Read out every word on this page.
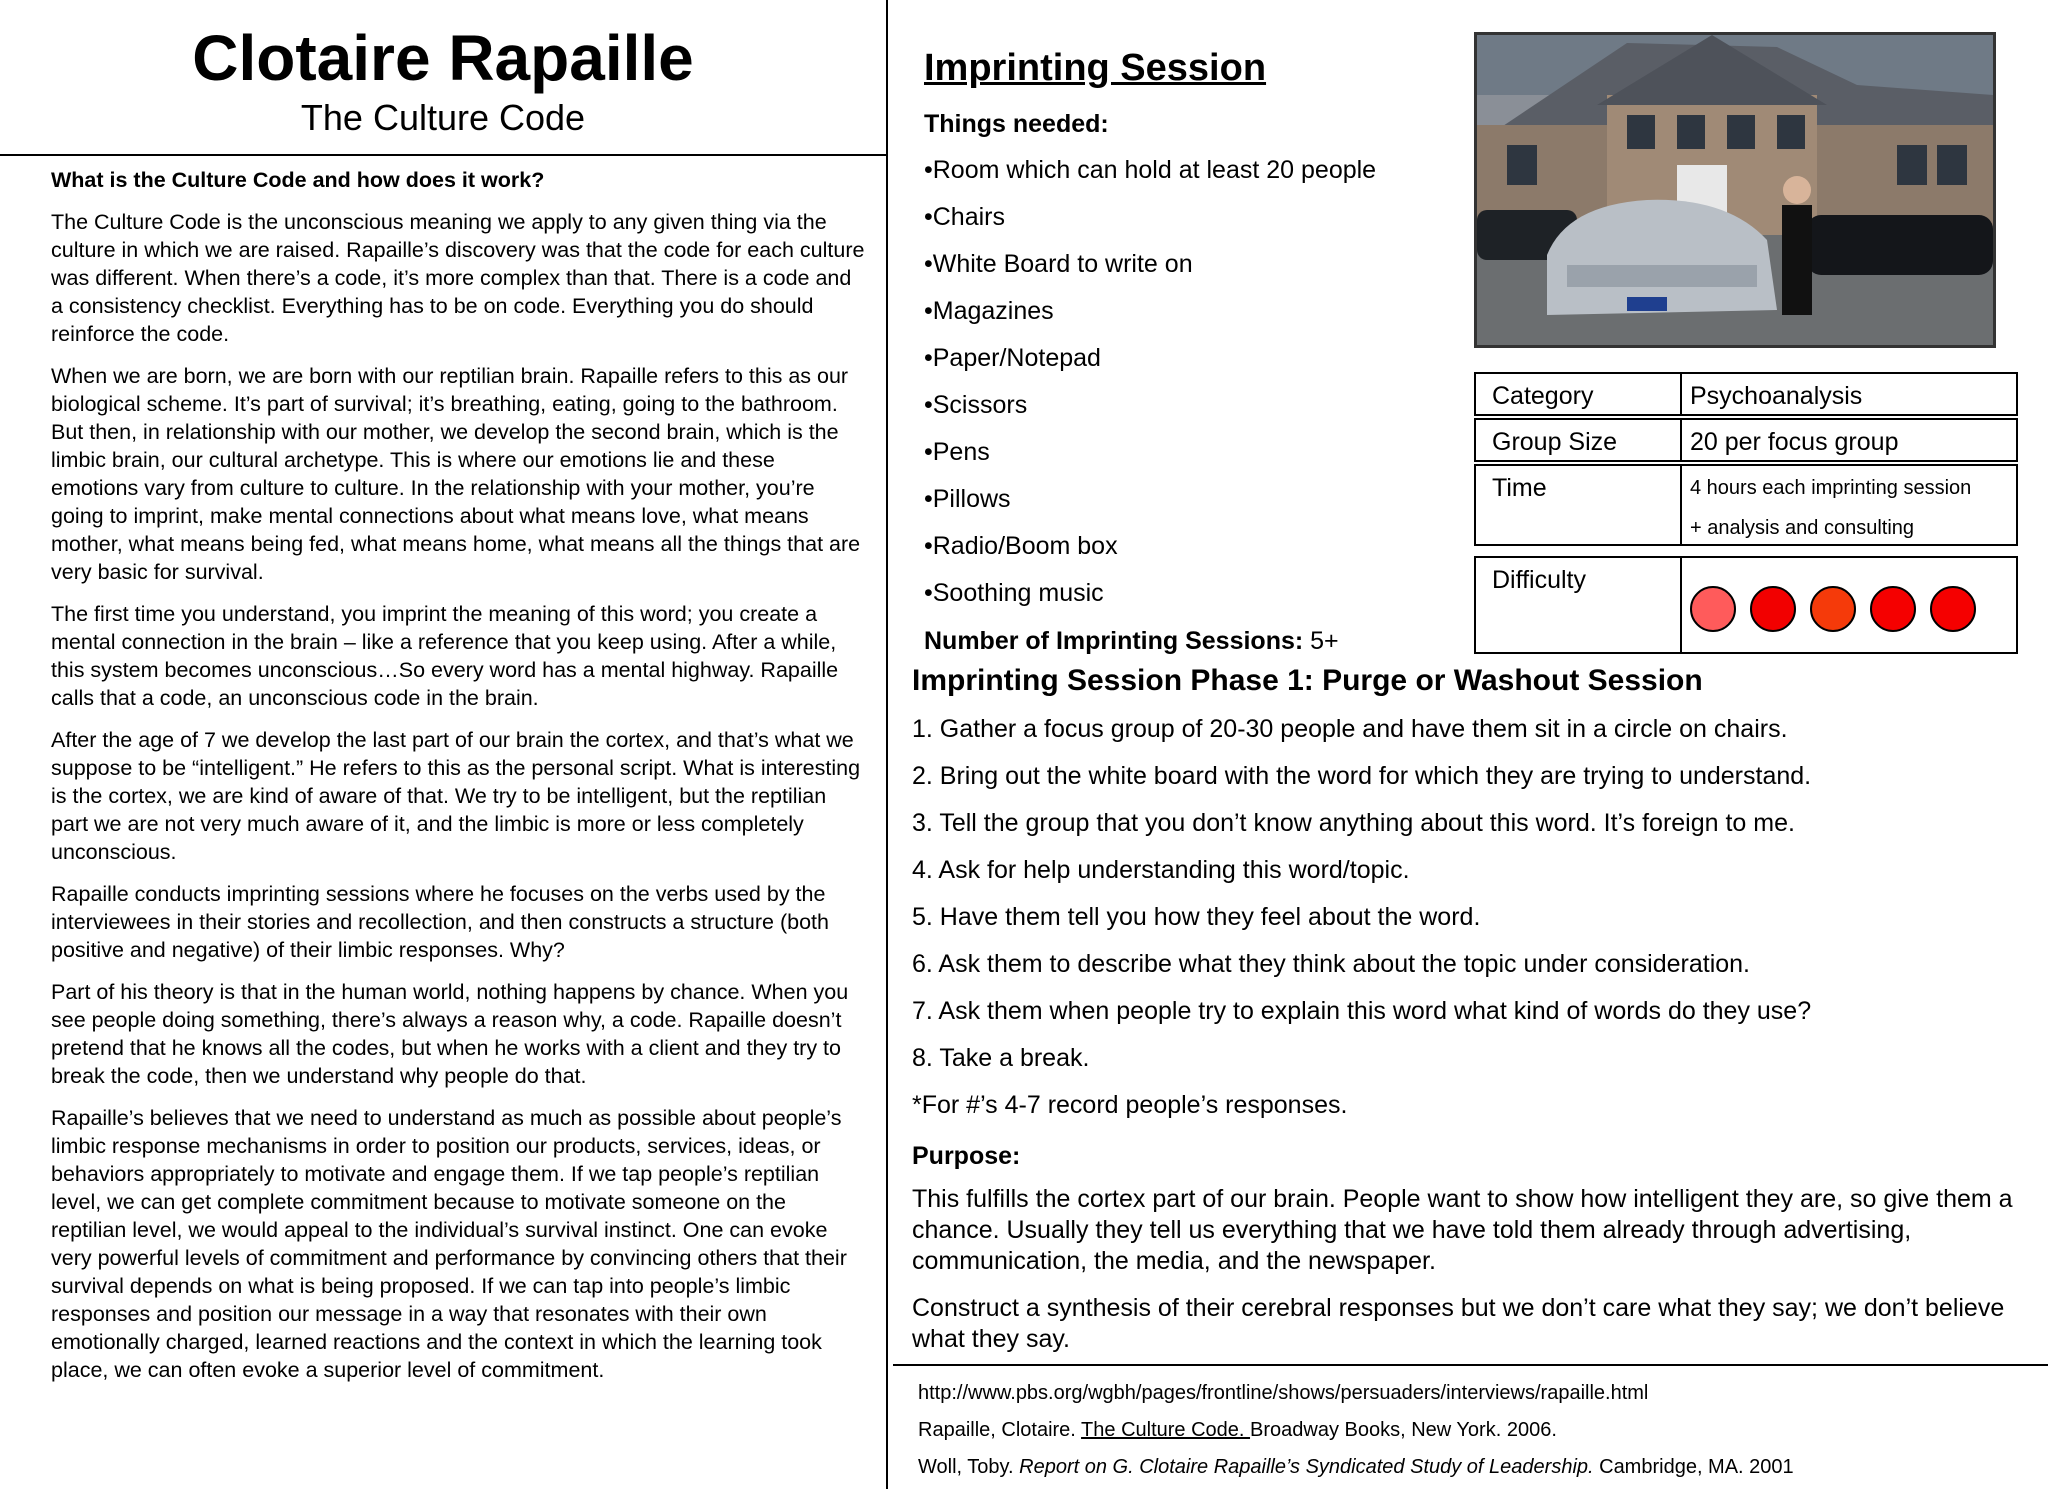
Clotaire Rapaille
The Culture Code
What is the Culture Code and how does it work?

The Culture Code is the unconscious meaning we apply to any given thing via the culture in which we are raised. Rapaille’s discovery was that the code for each culture was different. When there’s a code, it’s more complex than that. There is a code and a consistency checklist. Everything has to be on code. Everything you do should reinforce the code.

When we are born, we are born with our reptilian brain. Rapaille refers to this as our biological scheme. It’s part of survival; it’s breathing, eating, going to the bathroom. But then, in relationship with our mother, we develop the second brain, which is the limbic brain, our cultural archetype. This is where our emotions lie and these emotions vary from culture to culture. In the relationship with your mother, you’re going to imprint, make mental connections about what means love, what means mother, what means being fed, what means home, what means all the things that are very basic for survival.

The first time you understand, you imprint the meaning of this word; you create a mental connection in the brain – like a reference that you keep using. After a while, this system becomes unconscious…So every word has a mental highway. Rapaille calls that a code, an unconscious code in the brain.

After the age of 7 we develop the last part of our brain the cortex, and that’s what we suppose to be “intelligent.” He refers to this as the personal script. What is interesting is the cortex, we are kind of aware of that. We try to be intelligent, but the reptilian part we are not very much aware of it, and the limbic is more or less completely unconscious.

Rapaille conducts imprinting sessions where he focuses on the verbs used by the interviewees in their stories and recollection, and then constructs a structure (both positive and negative) of their limbic responses. Why?

Part of his theory is that in the human world, nothing happens by chance. When you see people doing something, there’s always a reason why, a code. Rapaille doesn’t pretend that he knows all the codes, but when he works with a client and they try to break the code, then we understand why people do that.

Rapaille’s believes that we need to understand as much as possible about people’s limbic response mechanisms in order to position our products, services, ideas, or behaviors appropriately to motivate and engage them. If we tap people’s reptilian level, we can get complete commitment because to motivate someone on the reptilian level, we would appeal to the individual’s survival instinct. One can evoke very powerful levels of commitment and performance by convincing others that their survival depends on what is being proposed. If we can tap into people’s limbic responses and position our message in a way that resonates with their own emotionally charged, learned reactions and the context in which the learning took place, we can often evoke a superior level of commitment.

Imprinting Session
Things needed:
•Room which can hold at least 20 people
•Chairs
•White Board to write on
•Magazines
•Paper/Notepad
•Scissors
•Pens
•Pillows
•Radio/Boom box
•Soothing music
Number of Imprinting Sessions: 5+
Category	Psychoanalysis
Group Size	20 per focus group
Time	4 hours each imprinting session
+ analysis and consulting
Difficulty
Imprinting Session Phase 1: Purge or Washout Session
1. Gather a focus group of 20-30 people and have them sit in a circle on chairs.
2. Bring out the white board with the word for which they are trying to understand.
3. Tell the group that you don’t know anything about this word. It’s foreign to me.
4. Ask for help understanding this word/topic.
5. Have them tell you how they feel about the word.
6. Ask them to describe what they think about the topic under consideration.
7. Ask them when people try to explain this word what kind of words do they use?
8. Take a break.
*For #’s 4-7 record people’s responses.
Purpose:

This fulfills the cortex part of our brain. People want to show how intelligent they are, so give them a chance. Usually they tell us everything that we have told them already through advertising, communication, the media, and the newspaper.

Construct a synthesis of their cerebral responses but we don’t care what they say; we don’t believe what they say.

http://www.pbs.org/wgbh/pages/frontline/shows/persuaders/interviews/rapaille.html
Rapaille, Clotaire. The Culture Code. Broadway Books, New York. 2006.
Woll, Toby. Report on G. Clotaire Rapaille’s Syndicated Study of Leadership. Cambridge, MA. 2001
